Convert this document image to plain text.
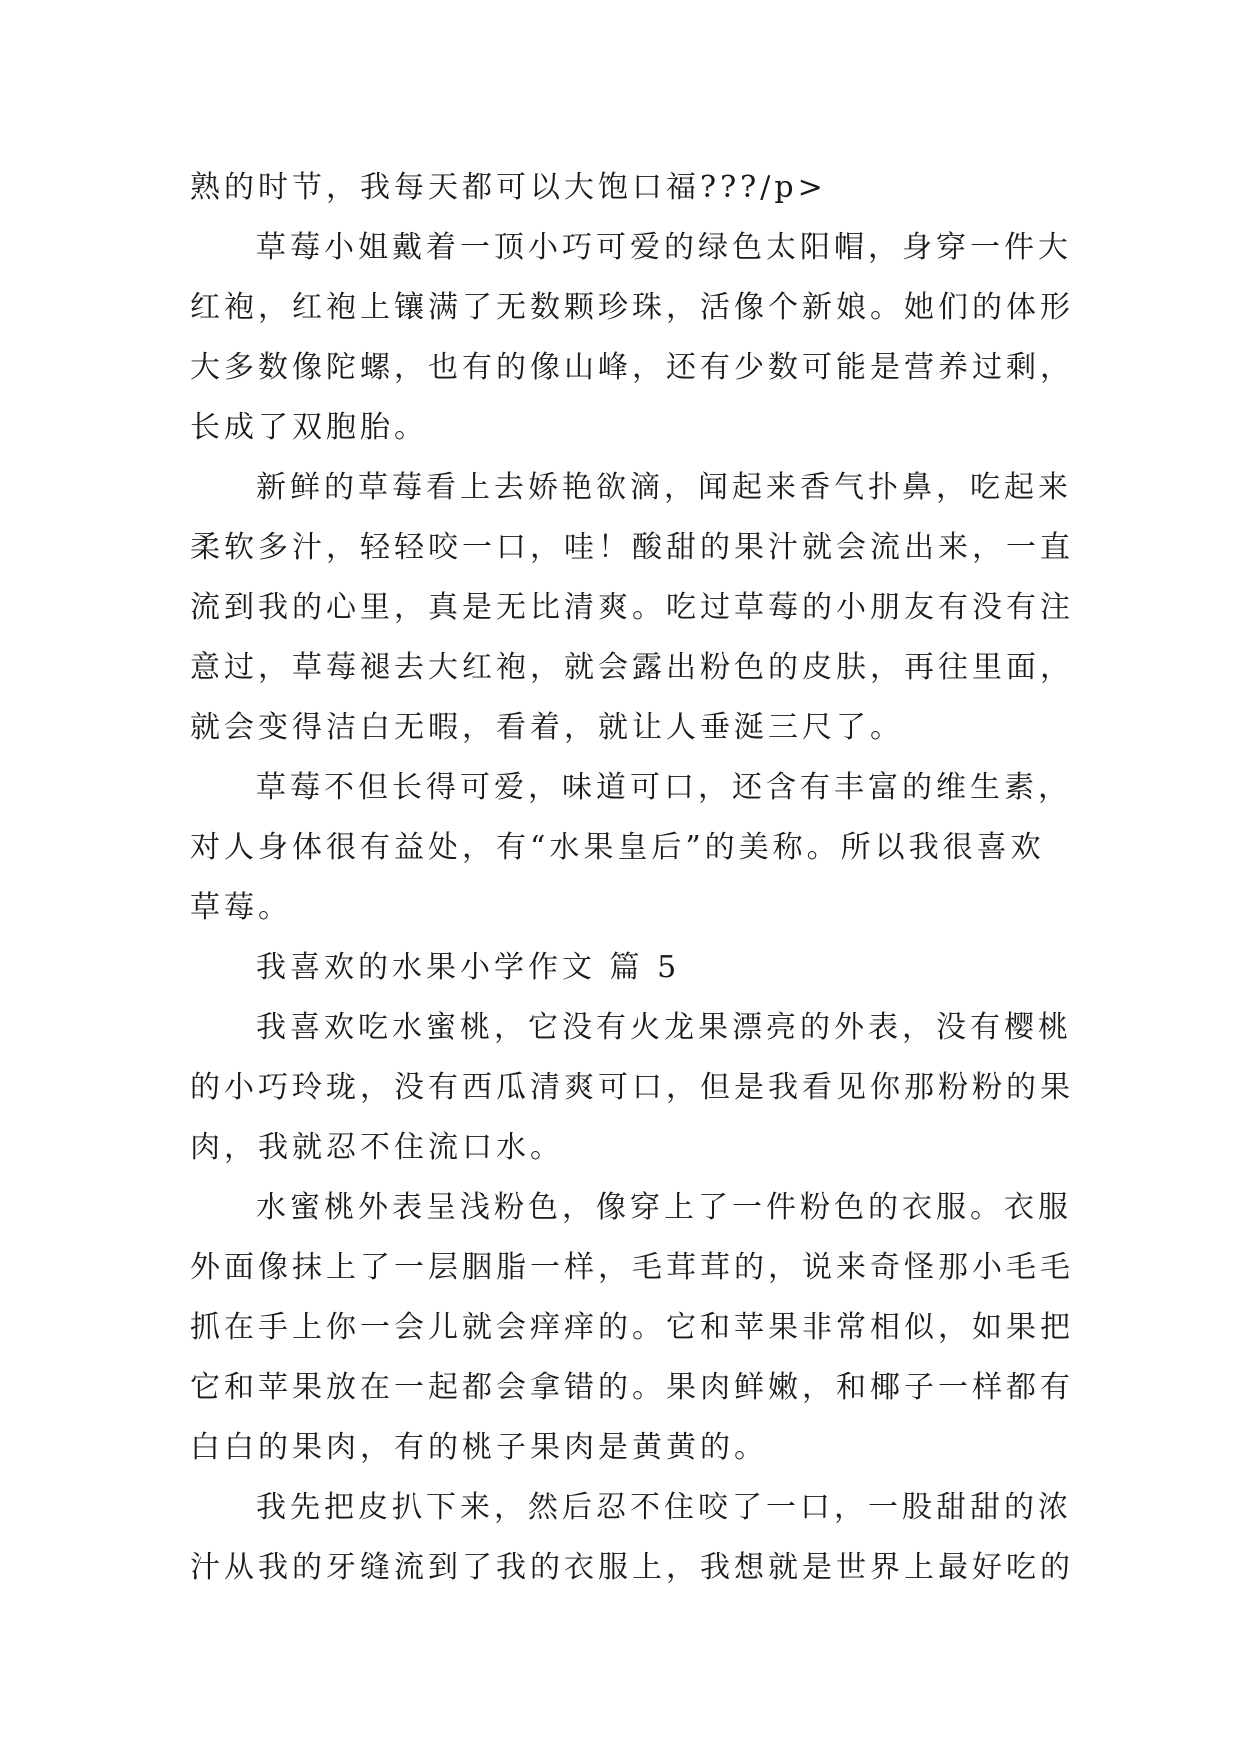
熟的时节，我每天都可以大饱口福???/p>
草莓小姐戴着一顶小巧可爱的绿色太阳帽，身穿一件大
红袍，红袍上镶满了无数颗珍珠，活像个新娘。她们的体形
大多数像陀螺，也有的像山峰，还有少数可能是营养过剩，
长成了双胞胎。
新鲜的草莓看上去娇艳欲滴，闻起来香气扑鼻，吃起来
柔软多汁，轻轻咬一口，哇！酸甜的果汁就会流出来，一直
流到我的心里，真是无比清爽。吃过草莓的小朋友有没有注
意过，草莓褪去大红袍，就会露出粉色的皮肤，再往里面，
就会变得洁白无暇，看着，就让人垂涎三尺了。
草莓不但长得可爱，味道可口，还含有丰富的维生素，
对人身体很有益处，有“水果皇后”的美称。所以我很喜欢
草莓。
我喜欢的水果小学作文 篇 5
我喜欢吃水蜜桃，它没有火龙果漂亮的外表，没有樱桃
的小巧玲珑，没有西瓜清爽可口，但是我看见你那粉粉的果
肉，我就忍不住流口水。
水蜜桃外表呈浅粉色，像穿上了一件粉色的衣服。衣服
外面像抹上了一层胭脂一样，毛茸茸的，说来奇怪那小毛毛
抓在手上你一会儿就会痒痒的。它和苹果非常相似，如果把
它和苹果放在一起都会拿错的。果肉鲜嫩，和椰子一样都有
白白的果肉，有的桃子果肉是黄黄的。
我先把皮扒下来，然后忍不住咬了一口，一股甜甜的浓
汁从我的牙缝流到了我的衣服上，我想就是世界上最好吃的
